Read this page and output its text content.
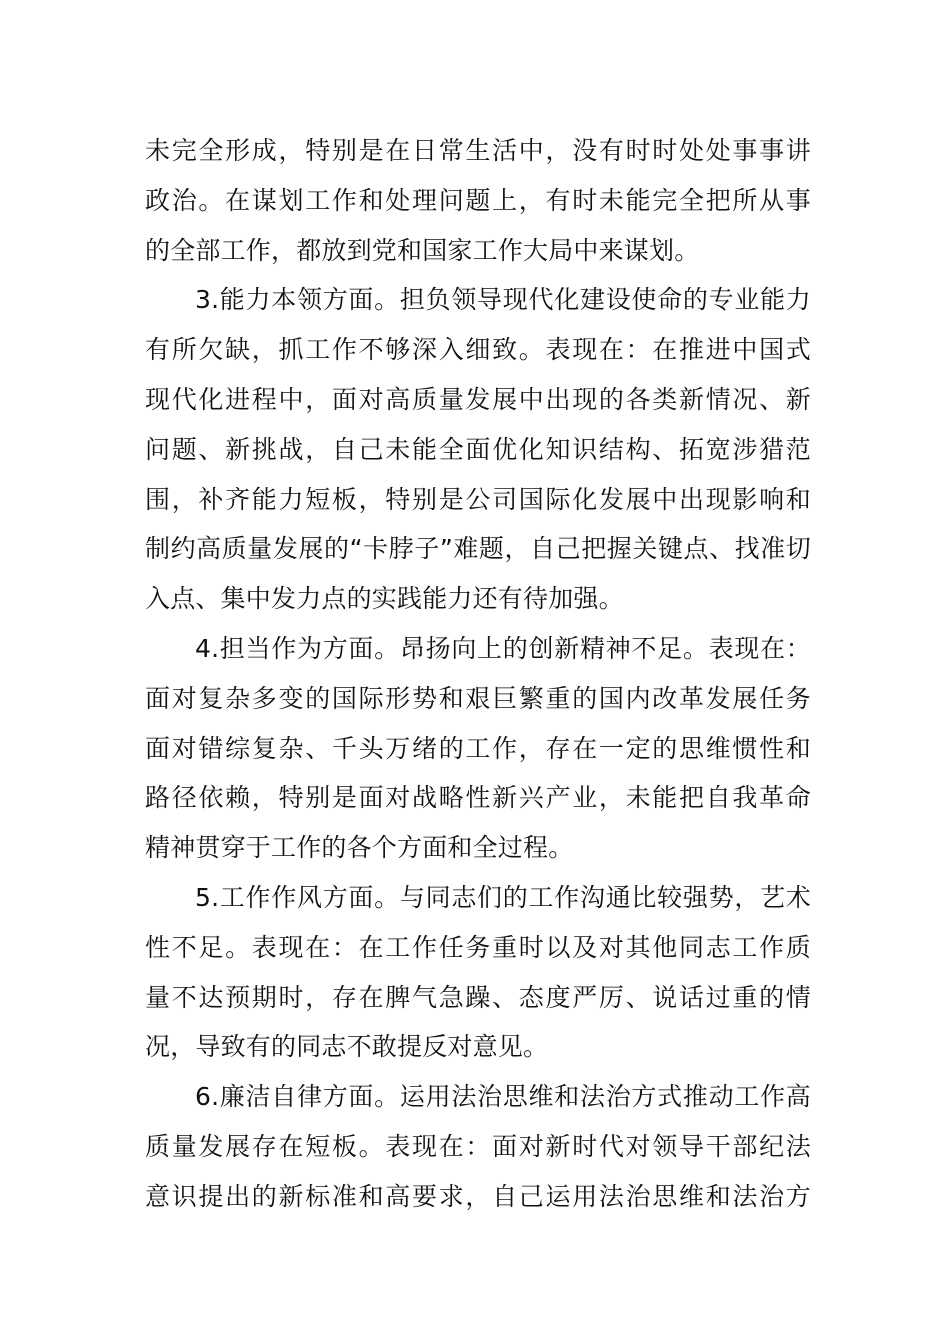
未完全形成，特别是在日常生活中，没有时时处处事事讲
政治。在谋划工作和处理问题上，有时未能完全把所从事
的全部工作，都放到党和国家工作大局中来谋划。
3.能力本领方面。担负领导现代化建设使命的专业能力
有所欠缺，抓工作不够深入细致。表现在：在推进中国式
现代化进程中，面对高质量发展中出现的各类新情况、新
问题、新挑战，自己未能全面优化知识结构、拓宽涉猎范
围，补齐能力短板，特别是公司国际化发展中出现影响和
制约高质量发展的“卡脖子”难题，自己把握关键点、找准切
入点、集中发力点的实践能力还有待加强。
4.担当作为方面。昂扬向上的创新精神不足。表现在：
面对复杂多变的国际形势和艰巨繁重的国内改革发展任务
面对错综复杂、千头万绪的工作，存在一定的思维惯性和
路径依赖，特别是面对战略性新兴产业，未能把自我革命
精神贯穿于工作的各个方面和全过程。
5.工作作风方面。与同志们的工作沟通比较强势，艺术
性不足。表现在：在工作任务重时以及对其他同志工作质
量不达预期时，存在脾气急躁、态度严厉、说话过重的情
况，导致有的同志不敢提反对意见。
6.廉洁自律方面。运用法治思维和法治方式推动工作高
质量发展存在短板。表现在：面对新时代对领导干部纪法
意识提出的新标准和高要求，自己运用法治思维和法治方
